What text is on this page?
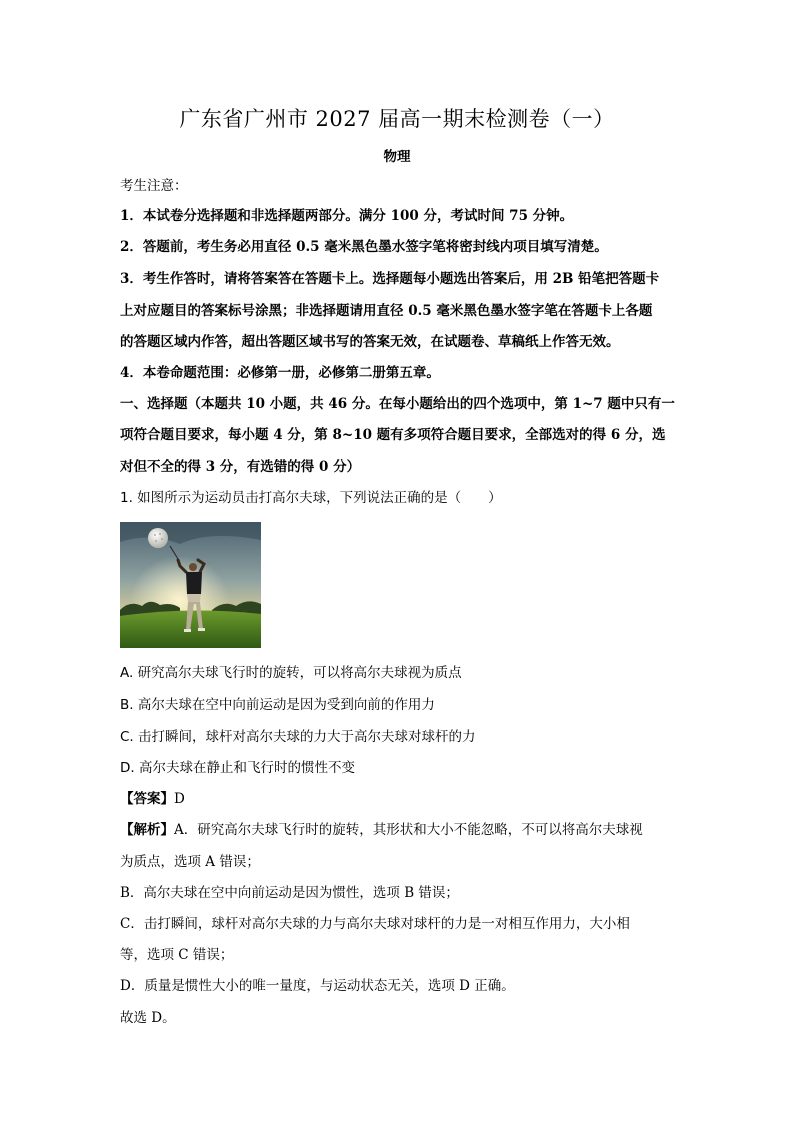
广东省广州市 2027 届高一期末检测卷（一）
物理
考生注意：
1．本试卷分选择题和非选择题两部分。满分 100 分，考试时间 75 分钟。
2．答题前，考生务必用直径 0.5 毫米黑色墨水签字笔将密封线内项目填写清楚。
3．考生作答时，请将答案答在答题卡上。选择题每小题选出答案后，用 2B 铅笔把答题卡
上对应题目的答案标号涂黑；非选择题请用直径 0.5 毫米黑色墨水签字笔在答题卡上各题
的答题区域内作答，超出答题区域书写的答案无效，在试题卷、草稿纸上作答无效。
4．本卷命题范围：必修第一册，必修第二册第五章。
一、选择题（本题共 10 小题，共 46 分。在每小题给出的四个选项中，第 1~7 题中只有一
项符合题目要求，每小题 4 分，第 8~10 题有多项符合题目要求，全部选对的得 6 分，选
对但不全的得 3 分，有选错的得 0 分）
1. 如图所示为运动员击打高尔夫球，下列说法正确的是（　　）
A. 研究高尔夫球飞行时的旋转，可以将高尔夫球视为质点
B. 高尔夫球在空中向前运动是因为受到向前的作用力
C. 击打瞬间，球杆对高尔夫球的力大于高尔夫球对球杆的力
D. 高尔夫球在静止和飞行时的惯性不变
【答案】D
【解析】A．研究高尔夫球飞行时的旋转，其形状和大小不能忽略，不可以将高尔夫球视
为质点，选项 A 错误；
B．高尔夫球在空中向前运动是因为惯性，选项 B 错误；
C．击打瞬间，球杆对高尔夫球的力与高尔夫球对球杆的力是一对相互作用力，大小相
等，选项 C 错误；
D．质量是惯性大小的唯一量度，与运动状态无关，选项 D 正确。
故选 D。
